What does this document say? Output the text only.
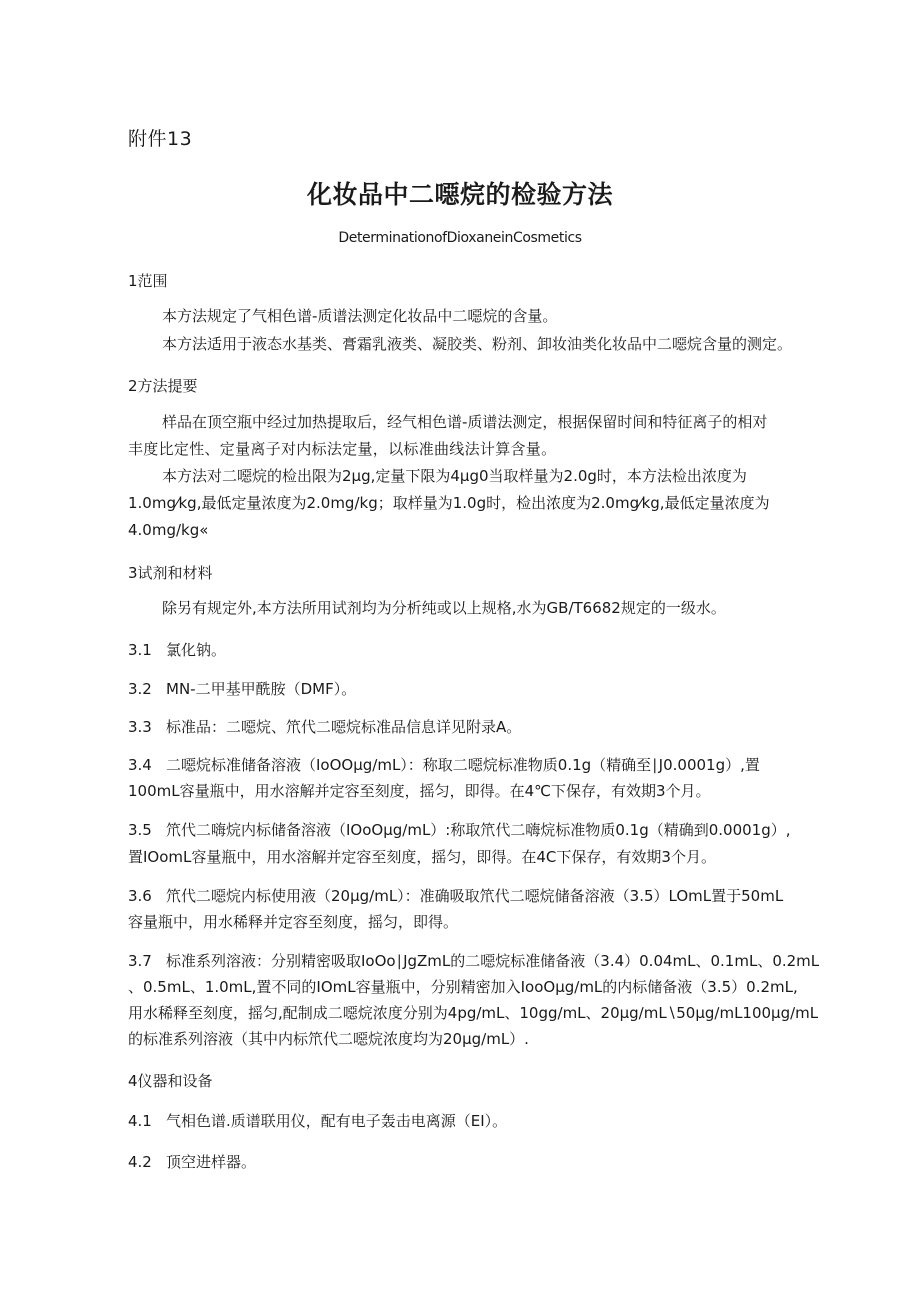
附件13
化妆品中二噁烷的检验方法
DeterminationofDioxaneinCosmetics
1范围
本方法规定了气相色谱-质谱法测定化妆品中二噁烷的含量。
本方法适用于液态水基类、膏霜乳液类、凝胶类、粉剂、卸妆油类化妆品中二噁烷含量的测定。
2方法提要
样品在顶空瓶中经过加热提取后，经气相色谱-质谱法测定，根据保留时间和特征离子的相对
丰度比定性、定量离子对内标法定量，以标准曲线法计算含量。
本方法对二噁烷的检出限为2μg,定量下限为4μg0当取样量为2.0g时，本方法检出浓度为
1.0mg⁄kg,最低定量浓度为2.0mg/kg；取样量为1.0g时，检出浓度为2.0mg⁄kg,最低定量浓度为
4.0mg/kg«
3试剂和材料
除另有规定外,本方法所用试剂均为分析纯或以上规格,水为GB/T6682规定的一级水。
3.1 氯化钠。
3.2 MN-二甲基甲酰胺（DMF）。
3.3 标准品：二噁烷、笊代二噁烷标准品信息详见附录A。
3.4 二噁烷标准储备溶液（IoOOμg∕mL）：称取二噁烷标准物质0.1g（精确至∣J0.0001g）,置
100mL容量瓶中，用水溶解并定容至刻度，摇匀，即得。在4℃下保存，有效期3个月。
3.5 笊代二嗨烷内标储备溶液（IOoOμg∕mL）:称取笊代二嗨烷标准物质0.1g（精确到0.0001g）,
置IOomL容量瓶中，用水溶解并定容至刻度，摇匀，即得。在4C下保存，有效期3个月。
3.6 笊代二噁烷内标使用液（20μg∕mL）：准确吸取笊代二噁烷储备溶液（3.5）LOmL置于50mL
容量瓶中，用水稀释并定容至刻度，摇匀，即得。
3.7 标准系列溶液：分别精密吸取IoOo∣JgZmL的二噁烷标准储备液（3.4）0.04mL、0.1mL、0.2mL
、0.5mL、1.0mL,置不同的IOmL容量瓶中，分别精密加入IooOμg∕mL的内标储备液（3.5）0.2mL,
用水稀释至刻度，摇匀,配制成二噁烷浓度分别为4pg/mL、10gg/mL、20μg∕mL∖50μg∕mL100μg∕mL
的标准系列溶液（其中内标笊代二噁烷浓度均为20μg∕mL）.
4仪器和设备
4.1 气相色谱.质谱联用仪，配有电子轰击电离源（EI）。
4.2 顶空进样器。
